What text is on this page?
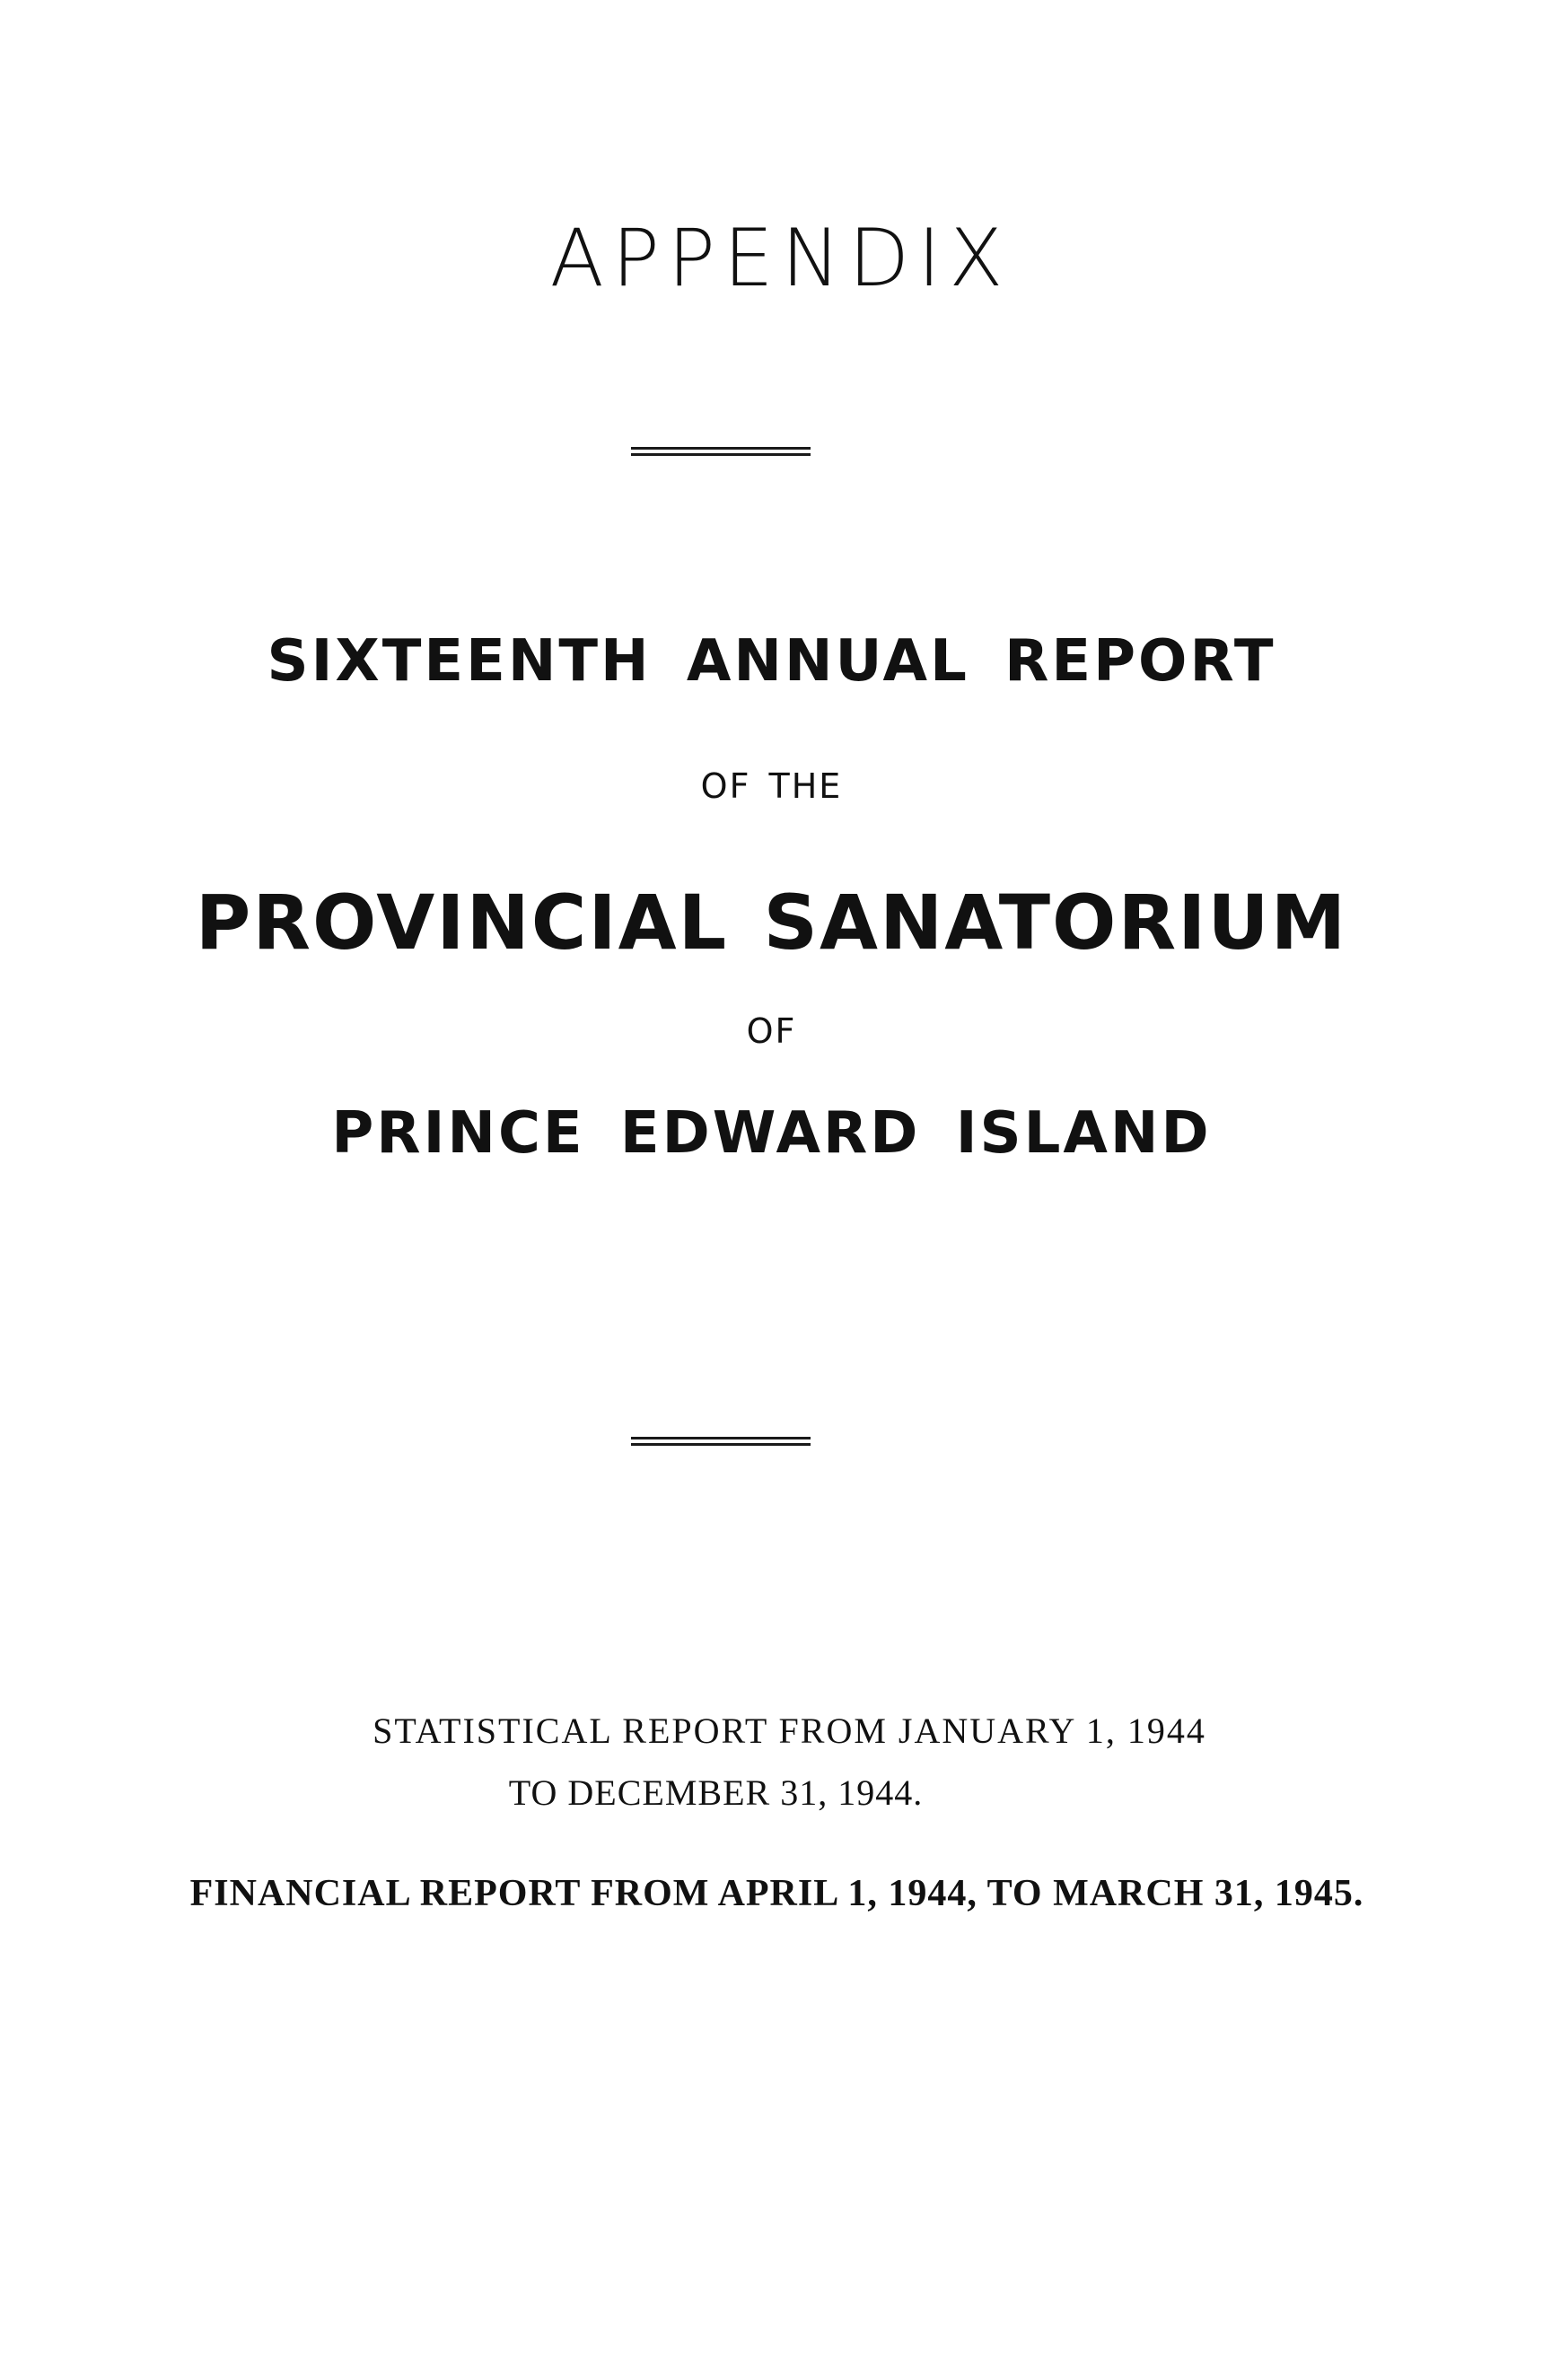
APPENDIX
SIXTEENTH ANNUAL REPORT

OF THE

PROVINCIAL SANATORIUM

OF

PRINCE EDWARD ISLAND

STATISTICAL REPORT FROM JANUARY 1, 1944

TO DECEMBER 31, 1944.

FINANCIAL REPORT FROM APRIL 1, 1944, TO MARCH 31, 1945.
